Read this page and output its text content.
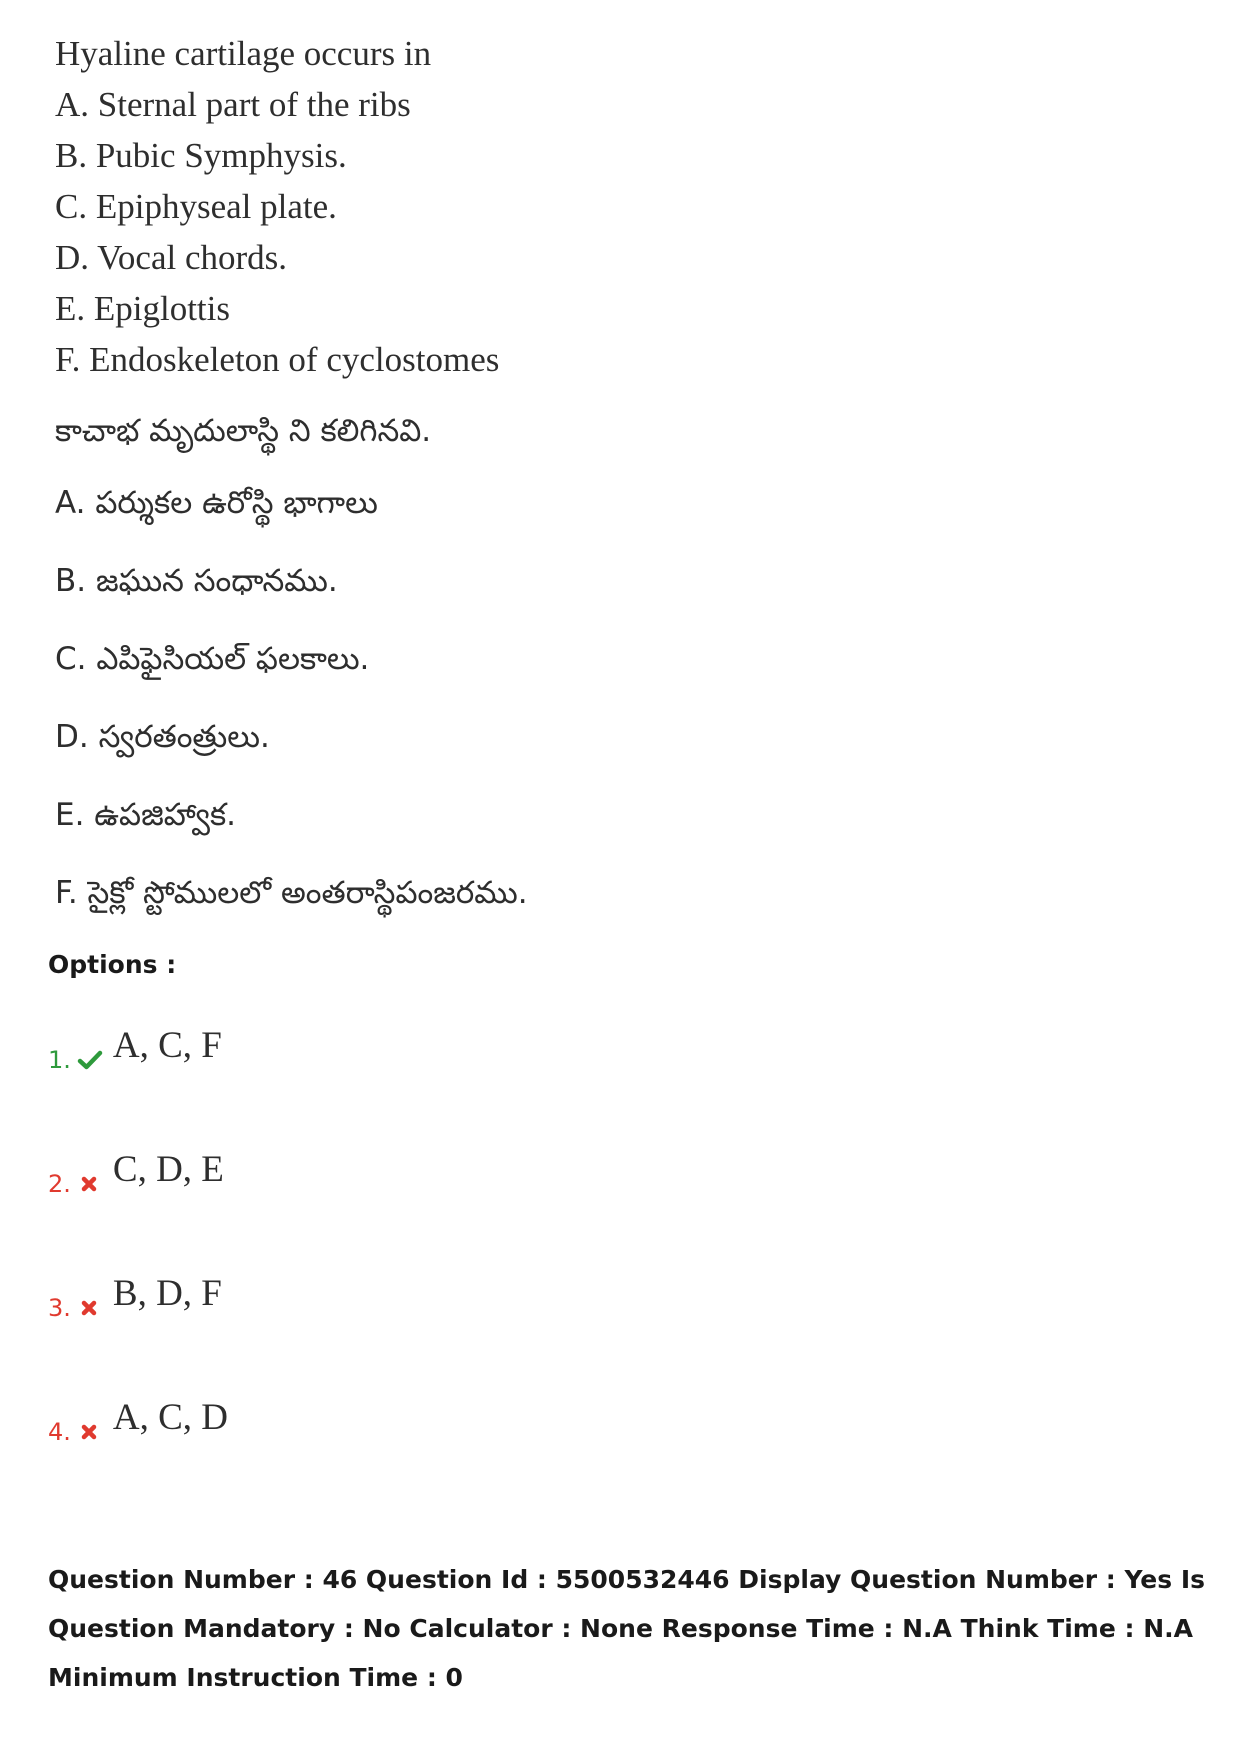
Hyaline cartilage occurs in
A. Sternal part of the ribs
B. Pubic Symphysis.
C. Epiphyseal plate.
D. Vocal chords.
E. Epiglottis
F. Endoskeleton of cyclostomes
కాచాభ మృదులాస్థి ని కలిగినవి.
A. పర్శుకల ఉరోస్థి భాగాలు
B. జఘున సంధానము.
C. ఎపిఫైసియల్ ఫలకాలు.
D. స్వరతంత్రులు.
E. ఉపజిహ్వాక.
F. సైక్లో స్టోములలో అంతరాస్థిపంజరము.
Options :
1. A, C, F
2. C, D, E
3. B, D, F
4. A, C, D
Question Number : 46 Question Id : 5500532446 Display Question Number : Yes Is Question Mandatory : No Calculator : None Response Time : N.A Think Time : N.A Minimum Instruction Time : 0
